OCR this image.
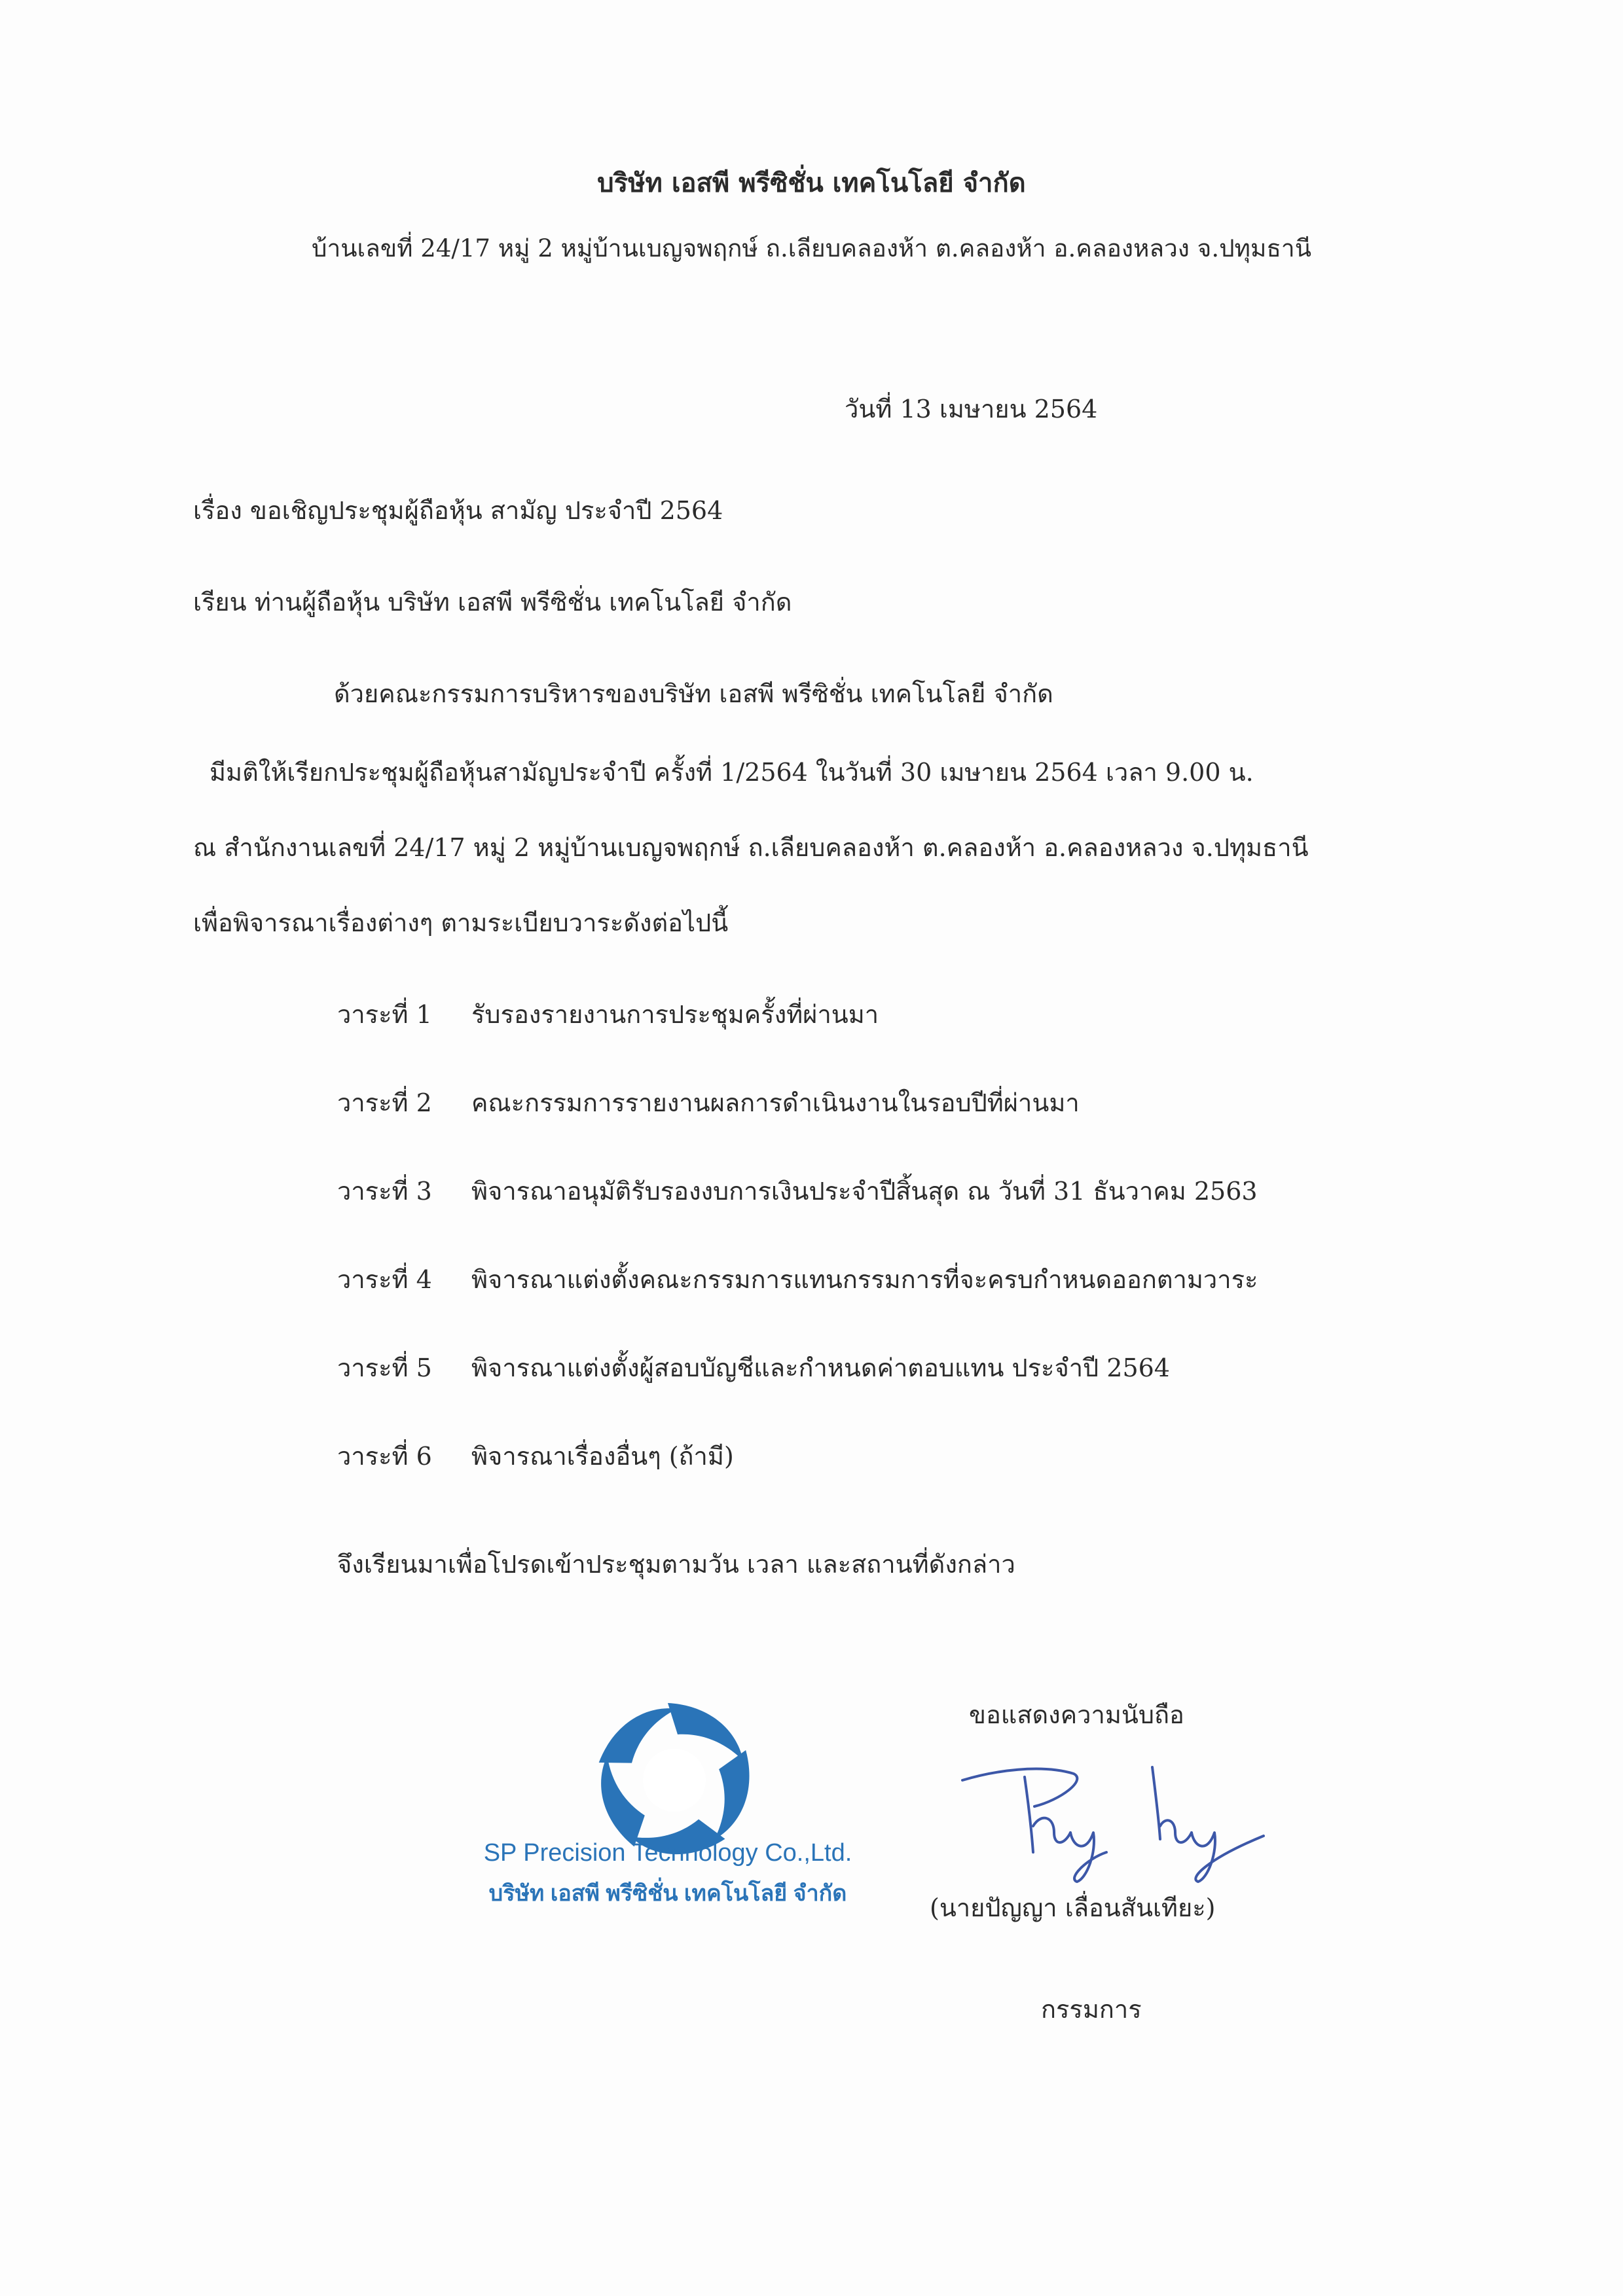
บริษัท เอสพี พรีซิชั่น เทคโนโลยี จำกัด
บ้านเลขที่ 24/17 หมู่ 2 หมู่บ้านเบญจพฤกษ์ ถ.เลียบคลองห้า ต.คลองห้า อ.คลองหลวง จ.ปทุมธานี
วันที่ 13 เมษายน 2564
เรื่อง ขอเชิญประชุมผู้ถือหุ้น สามัญ ประจำปี 2564
เรียน ท่านผู้ถือหุ้น บริษัท เอสพี พรีซิชั่น เทคโนโลยี จำกัด
ด้วยคณะกรรมการบริหารของบริษัท เอสพี พรีซิชั่น เทคโนโลยี จำกัด
มีมติให้เรียกประชุมผู้ถือหุ้นสามัญประจำปี ครั้งที่ 1/2564 ในวันที่ 30 เมษายน 2564 เวลา 9.00 น.
ณ สำนักงานเลขที่ 24/17 หมู่ 2 หมู่บ้านเบญจพฤกษ์ ถ.เลียบคลองห้า ต.คลองห้า อ.คลองหลวง จ.ปทุมธานี
เพื่อพิจารณาเรื่องต่างๆ ตามระเบียบวาระดังต่อไปนี้
วาระที่ 1 รับรองรายงานการประชุมครั้งที่ผ่านมา
วาระที่ 2 คณะกรรมการรายงานผลการดำเนินงานในรอบปีที่ผ่านมา
วาระที่ 3 พิจารณาอนุมัติรับรองงบการเงินประจำปีสิ้นสุด ณ วันที่ 31 ธันวาคม 2563
วาระที่ 4 พิจารณาแต่งตั้งคณะกรรมการแทนกรรมการที่จะครบกำหนดออกตามวาระ
วาระที่ 5 พิจารณาแต่งตั้งผู้สอบบัญชีและกำหนดค่าตอบแทน ประจำปี 2564
วาระที่ 6 พิจารณาเรื่องอื่นๆ (ถ้ามี)
จึงเรียนมาเพื่อโปรดเข้าประชุมตามวัน เวลา และสถานที่ดังกล่าว
SP Precision Technology Co.,Ltd.
บริษัท เอสพี พรีซิชั่น เทคโนโลยี จำกัด
ขอแสดงความนับถือ
(นายปัญญา เลื่อนสันเทียะ)
กรรมการ
